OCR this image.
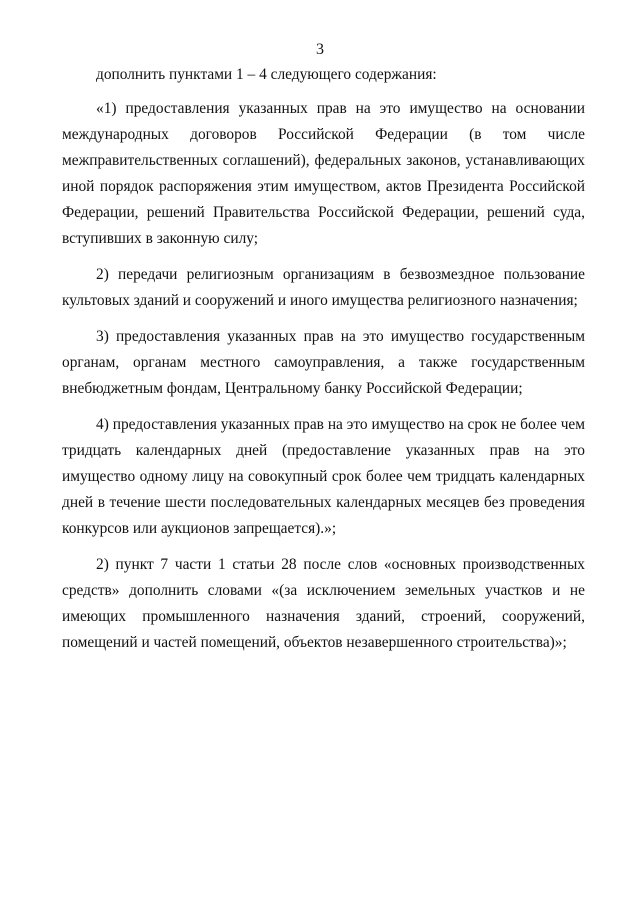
3

дополнить пунктами 1 – 4 следующего содержания:

«1) предоставления указанных прав на это имущество на основании международных договоров Российской Федерации (в том числе межправительственных соглашений), федеральных законов, устанавливающих иной порядок распоряжения этим имуществом, актов Президента Российской Федерации, решений Правительства Российской Федерации, решений суда, вступивших в законную силу;

2) передачи религиозным организациям в безвозмездное пользование культовых зданий и сооружений и иного имущества религиозного назначения;

3) предоставления указанных прав на это имущество государственным органам, органам местного самоуправления, а также государственным внебюджетным фондам, Центральному банку Российской Федерации;

4) предоставления указанных прав на это имущество на срок не более чем тридцать календарных дней (предоставление указанных прав на это имущество одному лицу на совокупный срок более чем тридцать календарных дней в течение шести последовательных календарных месяцев без проведения конкурсов или аукционов запрещается).»;

2) пункт 7 части 1 статьи 28 после слов «основных производственных средств» дополнить словами «(за исключением земельных участков и не имеющих промышленного назначения зданий, строений, сооружений, помещений и частей помещений, объектов незавершенного строительства)»;
